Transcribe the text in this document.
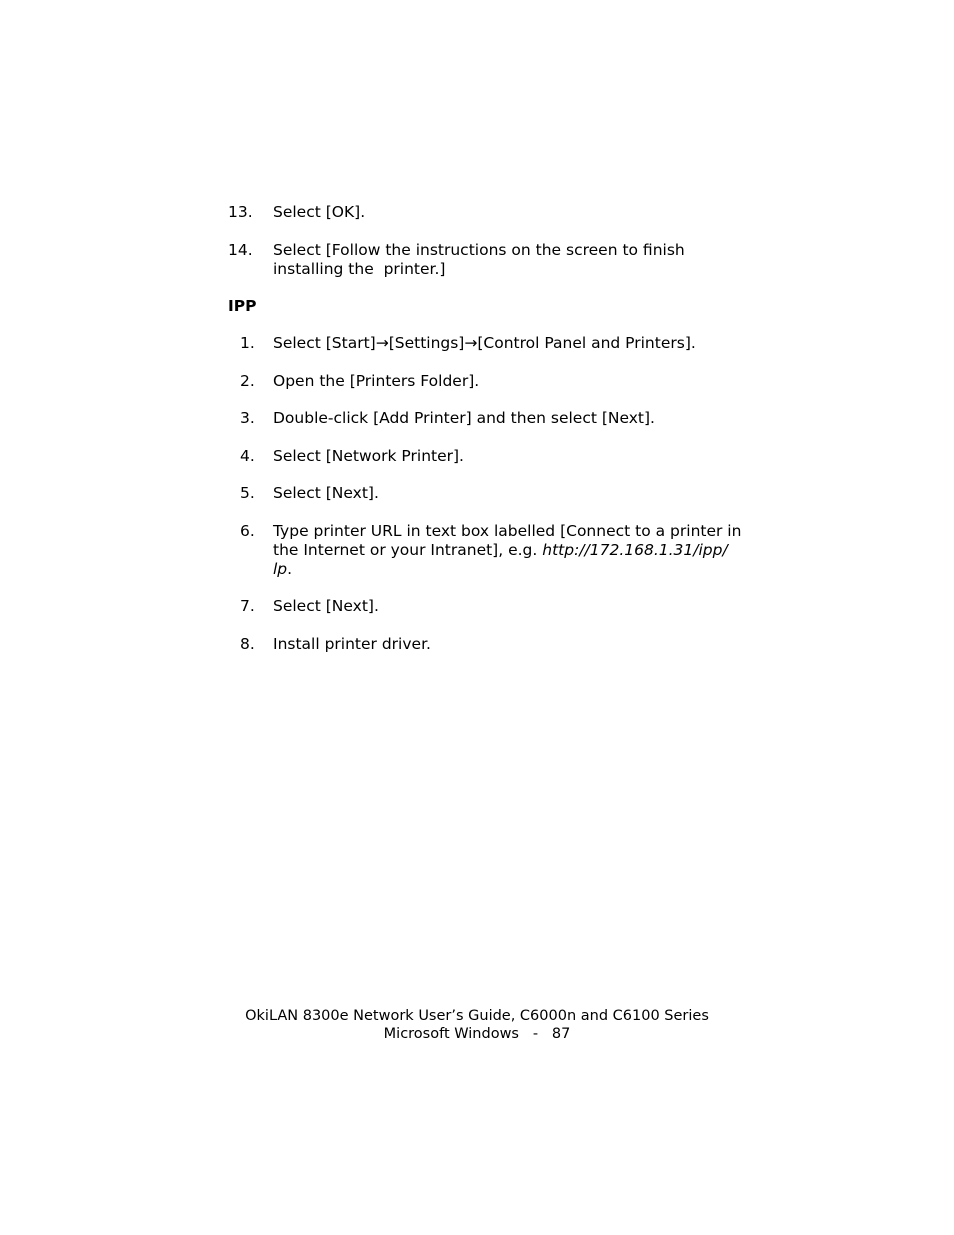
13.	Select [OK].
14.	Select [Follow the instructions on the screen to finish
installing the  printer.]
IPP
1.	Select [Start]→[Settings]→[Control Panel and Printers].
2.	Open the [Printers Folder].
3.	Double-click [Add Printer] and then select [Next].
4.	Select [Network Printer].
5.	Select [Next].
6.	Type printer URL in text box labelled [Connect to a printer in
the Internet or your Intranet], e.g. http://172.168.1.31/ipp/
lp.
7.	Select [Next].
8.	Install printer driver.
OkiLAN 8300e Network User’s Guide, C6000n and C6100 Series
Microsoft Windows - 87
